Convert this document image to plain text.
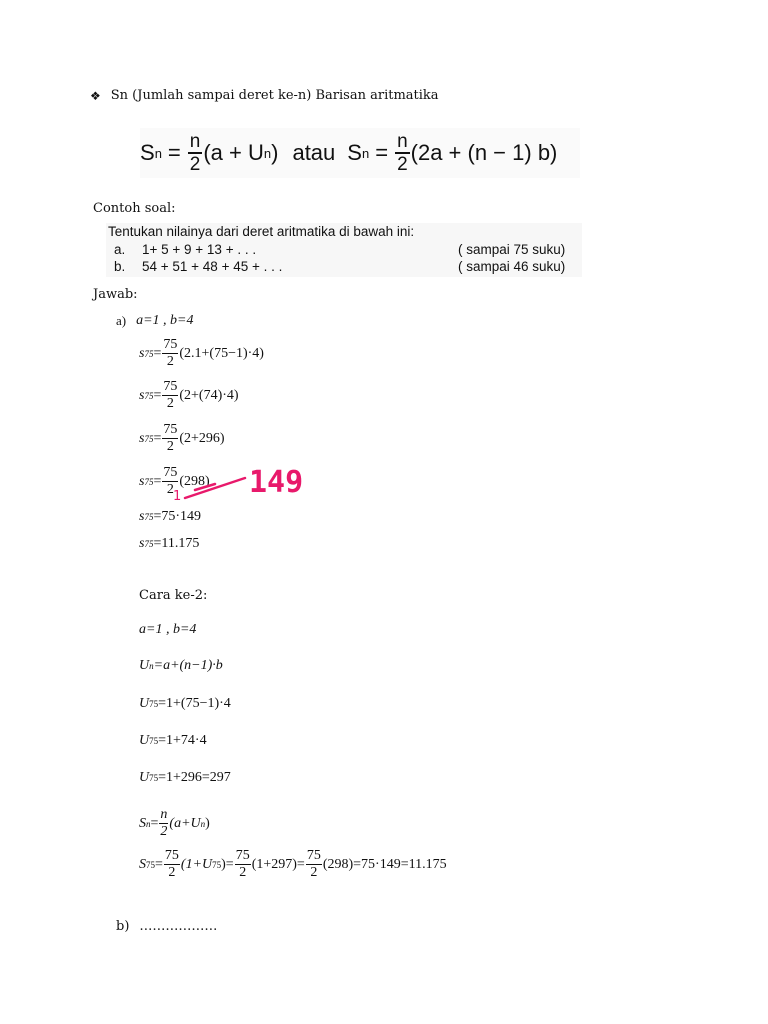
❖ Sn (Jumlah sampai deret ke-n) Barisan aritmatika
S $n = \frac{n}{2} (a + U$ n ) atau S $n = \frac{n}{2} (2a + (n - 1)$ b)
Contoh soal:
Tentukan nilainya dari deret aritmatika di bawah ini:
a.	1+ 5 + 9 + 13 + . . .	( sampai 75 suku)
b.	54 + 51 + 48 + 45 + . . .	( sampai 46 suku)
Jawab:
a) a=1 , b=4
s $75 = \frac{75}{2} (2.1+(75-1)\cdot 4)$
s $75 = \frac{75}{2} (2+(74)\cdot 4)$
s $75 = \frac{75}{2} (2+296)$
s $75 = \frac{75}{2} (298)$
1 149
s 75 =75·149
s 75 =11.175
Cara ke-2:
a=1 , b=4
U n =a+(n−1)·b
U 75 =1+(75−1)·4
U 75 =1+74·4
U 75 =1+296=297
S $n = \frac{n}{2} (a+U$ n )
S $75 = \frac{75}{2} (1+U$ 75 )= $\frac{75}{2} (1+297)= \frac{75}{2} (298)=75\cdot 149=11.175$
b) ………………
